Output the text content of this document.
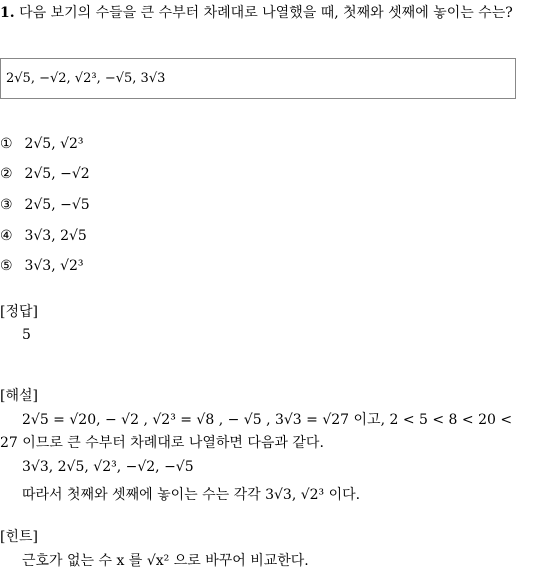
1. 다음 보기의 수들을 큰 수부터 차례대로 나열했을 때, 첫째와 셋째에 놓이는 수는?
2√5, −√2, √2³, −√5, 3√3
① 2√5, √2³
② 2√5, −√2
③ 2√5, −√5
④ 3√3, 2√5
⑤ 3√3, √2³
[정답]
5
[해설]
2√5 = √20, − √2 , √2³ = √8 , − √5 , 3√3 = √27 이고, 2 < 5 < 8 < 20 < 27 이므로 큰 수부터 차례대로 나열하면 다음과 같다.
3√3, 2√5, √2³, −√2, −√5
따라서 첫째와 셋째에 놓이는 수는 각각 3√3, √2³ 이다.
[힌트]
근호가 없는 수 x 를 √x² 으로 바꾸어 비교한다.
